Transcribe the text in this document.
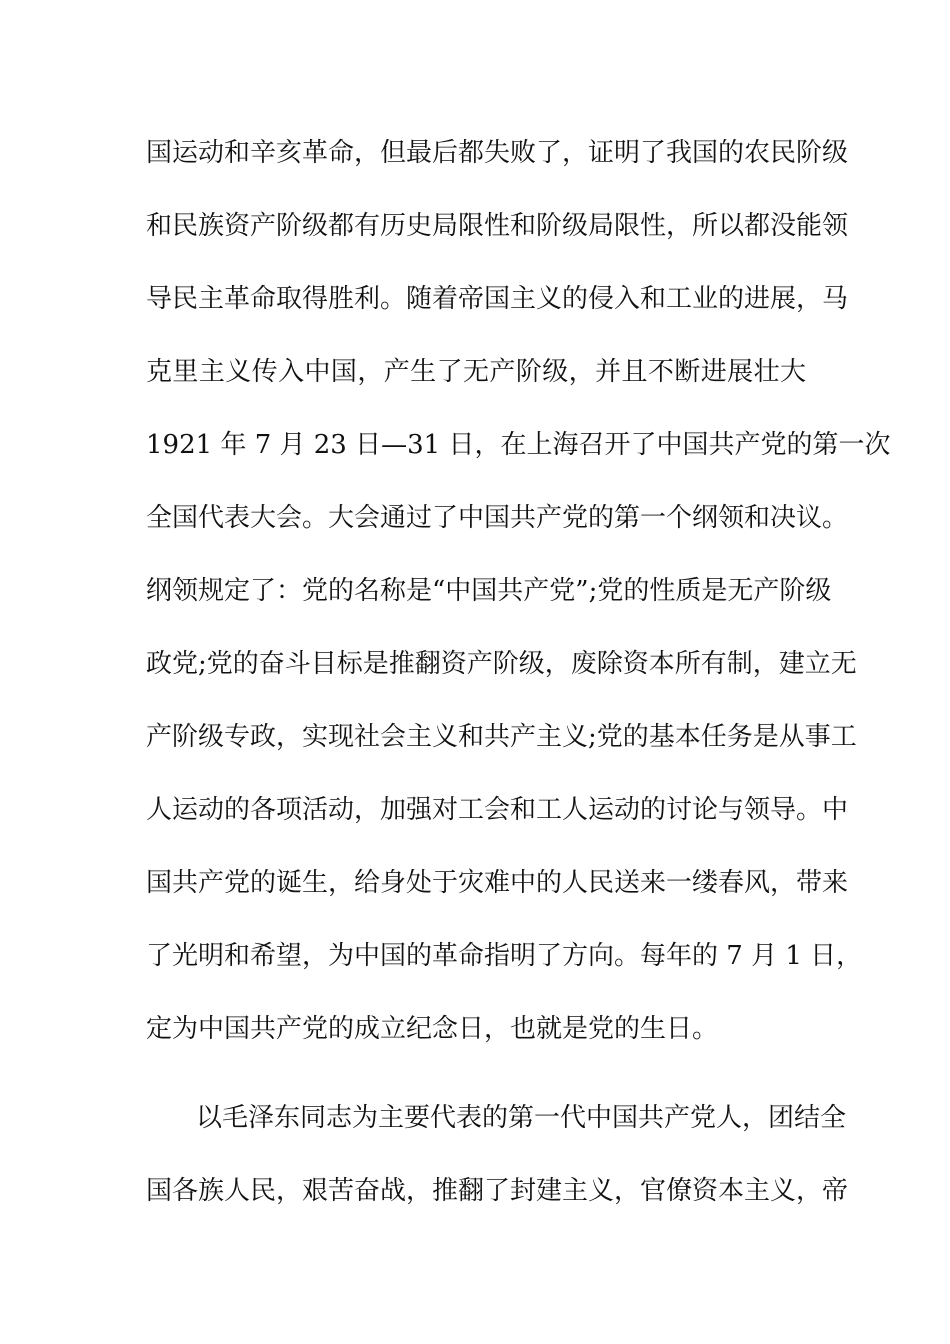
国运动和辛亥革命，但最后都失败了，证明了我国的农民阶级
和民族资产阶级都有历史局限性和阶级局限性，所以都没能领
导民主革命取得胜利。随着帝国主义的侵入和工业的进展，马
克里主义传入中国，产生了无产阶级，并且不断进展壮大
1921 年 7 月 23 日—31 日，在上海召开了中国共产党的第一次
全国代表大会。大会通过了中国共产党的第一个纲领和决议。
纲领规定了：党的名称是“中国共产党”;党的性质是无产阶级
政党;党的奋斗目标是推翻资产阶级，废除资本所有制，建立无
产阶级专政，实现社会主义和共产主义;党的基本任务是从事工
人运动的各项活动，加强对工会和工人运动的讨论与领导。中
国共产党的诞生，给身处于灾难中的人民送来一缕春风，带来
了光明和希望，为中国的革命指明了方向。每年的 7 月 1 日，
定为中国共产党的成立纪念日，也就是党的生日。
以毛泽东同志为主要代表的第一代中国共产党人，团结全
国各族人民，艰苦奋战，推翻了封建主义，官僚资本主义，帝
